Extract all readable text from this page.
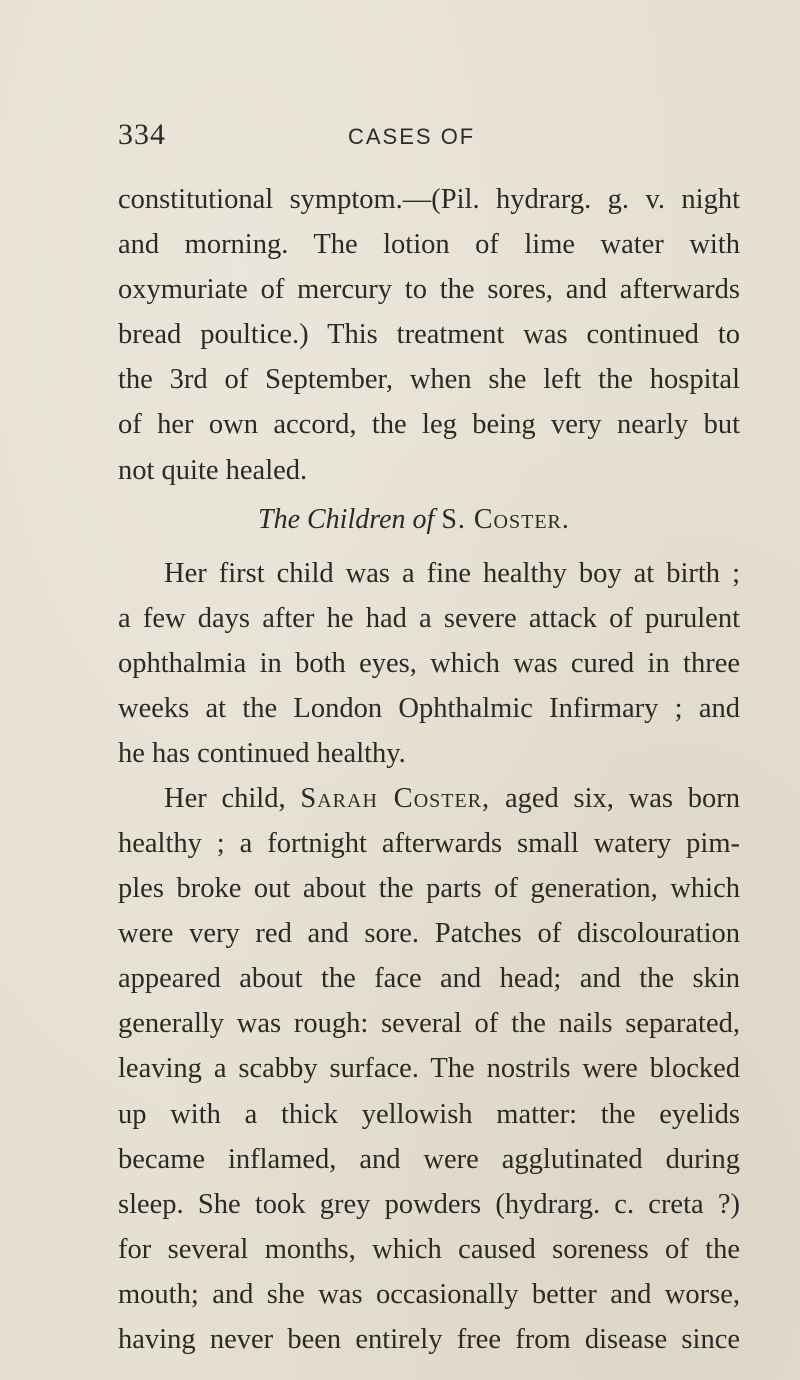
334	CASES OF
constitutional symptom.—(Pil. hydrarg. g. v. night
and morning. The lotion of lime water with
oxymuriate of mercury to the sores, and afterwards
bread poultice.) This treatment was continued to
the 3rd of September, when she left the hospital
of her own accord, the leg being very nearly but
not quite healed.
The Children of S. Coster.
Her first child was a fine healthy boy at birth ;
a few days after he had a severe attack of purulent
ophthalmia in both eyes, which was cured in three
weeks at the London Ophthalmic Infirmary ; and
he has continued healthy.
Her child, Sarah Coster, aged six, was born
healthy ; a fortnight afterwards small watery pim-
ples broke out about the parts of generation, which
were very red and sore. Patches of discolouration
appeared about the face and head; and the skin
generally was rough: several of the nails separated,
leaving a scabby surface. The nostrils were blocked
up with a thick yellowish matter: the eyelids
became inflamed, and were agglutinated during
sleep. She took grey powders (hydrarg. c. creta ?)
for several months, which caused soreness of the
mouth; and she was occasionally better and worse,
having never been entirely free from disease since
